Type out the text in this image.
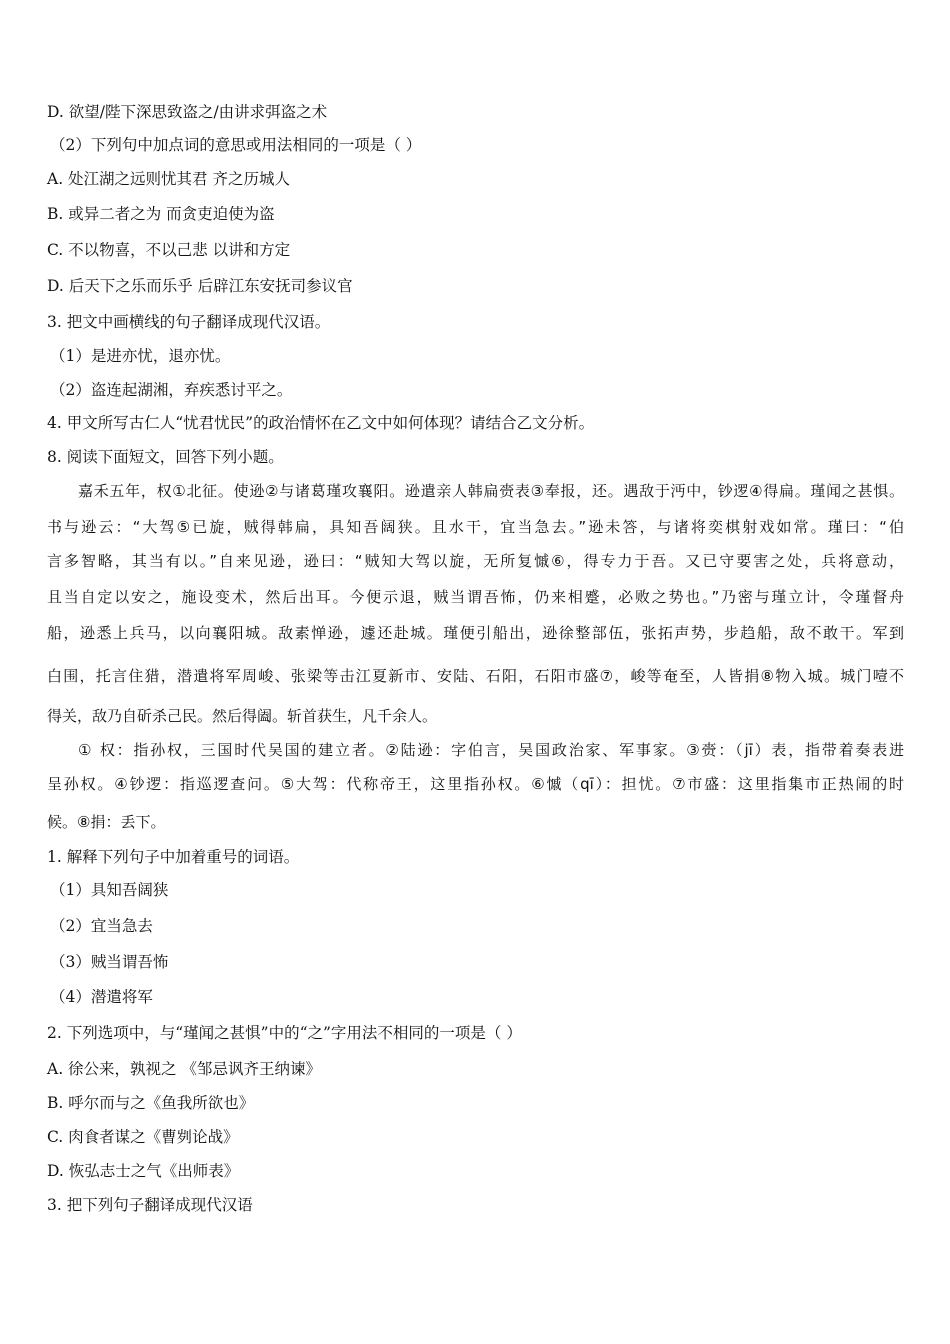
D. 欲望/陛下深思致盗之/由讲求弭盗之术
（2）下列句中加点词的意思或用法相同的一项是（ ）
A. 处江湖之远则忧其君 齐之历城人
B. 或异二者之为 而贪吏迫使为盗
C. 不以物喜，不以己悲 以讲和方定
D. 后天下之乐而乐乎 后辟江东安抚司参议官
3. 把文中画横线的句子翻译成现代汉语。
（1）是进亦忧，退亦忧。
（2）盗连起湖湘，弃疾悉讨平之。
4. 甲文所写古仁人“忧君忧民”的政治情怀在乙文中如何体现？请结合乙文分析。
8. 阅读下面短文，回答下列小题。
嘉禾五年，权①北征。使逊②与诸葛瑾攻襄阳。逊遣亲人韩扁赍表③奉报，还。遇敌于沔中，钞逻④得扁。瑾闻之甚惧。
书与逊云：“大驾⑤已旋，贼得韩扁，具知吾阔狭。且水干，宜当急去。”逊未答，与诸将奕棋射戏如常。瑾曰：“伯
言多智略，其当有以。”自来见逊，逊曰：“贼知大驾以旋，无所复慽⑥，得专力于吾。又已守要害之处，兵将意动，
且当自定以安之，施设变术，然后出耳。今便示退，贼当谓吾怖，仍来相蹙，必败之势也。”乃密与瑾立计，令瑾督舟
船，逊悉上兵马，以向襄阳城。敌素惮逊，遽还赴城。瑾便引船出，逊徐整部伍，张拓声势，步趋船，敌不敢干。军到
白围，托言住猎，潜遣将军周峻、张梁等击江夏新市、安陆、石阳，石阳市盛⑦，峻等奄至，人皆捐⑧物入城。城门噎不
得关，敌乃自斫杀己民。然后得阖。斩首获生，凡千余人。
① 权：指孙权，三国时代吴国的建立者。②陆逊：字伯言，吴国政治家、军事家。③赍：（jī）表，指带着奏表进
呈孙权。④钞逻：指巡逻查问。⑤大驾：代称帝王，这里指孙权。⑥慽（qī）：担忧。⑦市盛：这里指集市正热闹的时
候。⑧捐：丢下。
1. 解释下列句子中加着重号的词语。
（1）具知吾阔狭
（2）宜当急去
（3）贼当谓吾怖
（4）潜遣将军
2. 下列选项中，与“瑾闻之甚惧”中的“之”字用法不相同的一项是（ ）
A. 徐公来，孰视之 《邹忌讽齐王纳谏》
B. 呼尔而与之《鱼我所欲也》
C. 肉食者谋之《曹刿论战》
D. 恢弘志士之气《出师表》
3. 把下列句子翻译成现代汉语
